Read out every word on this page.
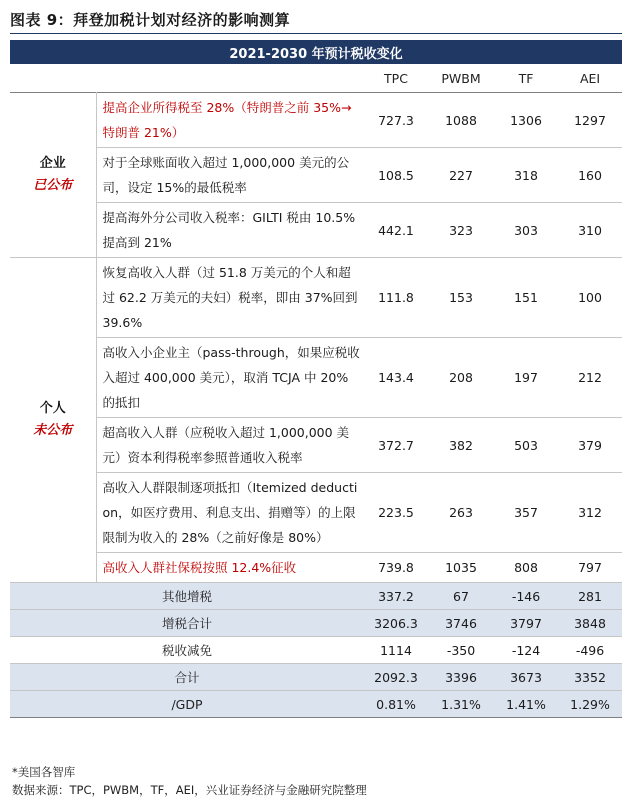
图表 9：拜登加税计划对经济的影响测算
2021-2030 年预计税收变化					
		TPC	PWBM	TF	AEI

企业
已公布	提高企业所得税至 28%（特朗普之前 35%→特朗普 21%）	727.3	1088	1306	1297
	对于全球账面收入超过 1,000,000 美元的公司，设定 15%的最低税率	108.5	227	318	160
	提高海外分公司收入税率：GILTI 税由 10.5%提高到 21%	442.1	323	303	310

个人
未公布	恢复高收入人群（过 51.8 万美元的个人和超过 62.2 万美元的夫妇）税率，即由 37%回到 39.6%	111.8	153	151	100
	高收入小企业主（pass-through，如果应税收入超过 400,000 美元），取消 TCJA 中 20%的抵扣	143.4	208	197	212
	超高收入人群（应税收入超过 1,000,000 美元）资本利得税率参照普通收入税率	372.7	382	503	379
	高收入人群限制逐项抵扣（Itemized deduction，如医疗费用、利息支出、捐赠等）的上限限制为收入的 28%（之前好像是 80%）	223.5	263	357	312
	高收入人群社保税按照 12.4%征收	739.8	1035	808	797
其他增税		337.2	67	-146	281
增税合计		3206.3	3746	3797	3848
税收减免		1114	-350	-124	-496
合计		2092.3	3396	3673	3352
/GDP		0.81%	1.31%	1.41%	1.29%
*美国各智库
数据来源：TPC，PWBM，TF，AEI，兴业证券经济与金融研究院整理
